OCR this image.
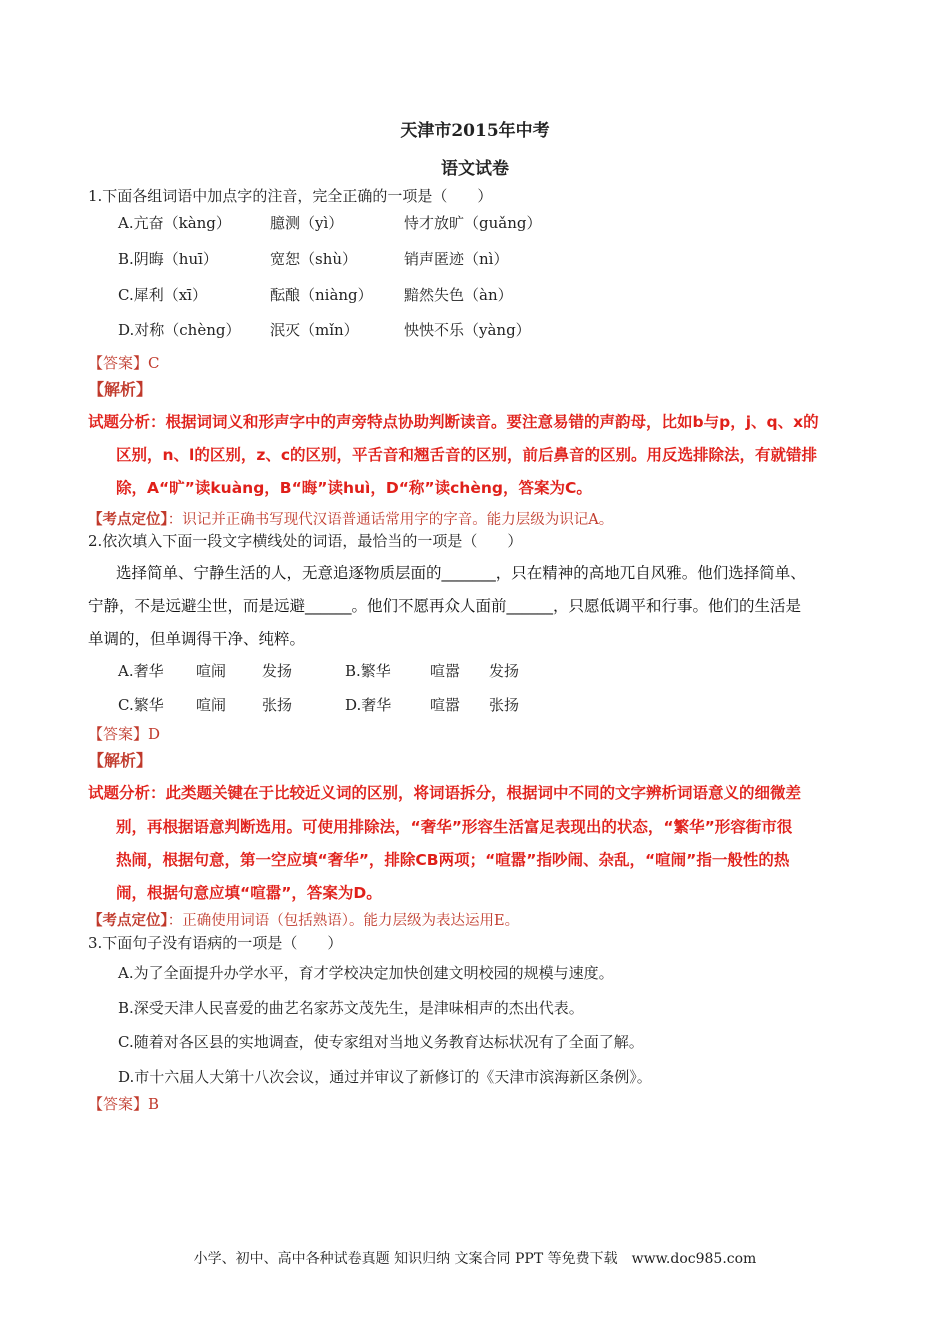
天津市2015年中考
语文试卷
1.下面各组词语中加点字的注音，完全正确的一项是（　　）
A.亢奋（kàng）	臆测（yì）	恃才放旷（guǎng）
B.阴晦（huī）	宽恕（shù）	销声匿迹（nì）
C.犀利（xī）	酝酿（niàng） 黯然失色（àn）
D.对称（chèng） 泯灭（mǐn）	怏怏不乐（yàng）
【答案】C
【解析】
试题分析：根据词词义和形声字中的声旁特点协助判断读音。要注意易错的声韵母，比如b与p，j、q、x的
区别，n、l的区别，z、c的区别，平舌音和翘舌音的区别，前后鼻音的区别。用反选排除法，有就错排
除，A“旷”读kuàng，B“晦”读huì，D“称”读chèng，答案为C。
【考点定位】：识记并正确书写现代汉语普通话常用字的字音。能力层级为识记A。
2.依次填入下面一段文字横线处的词语，最恰当的一项是（　　）
选择简单、宁静生活的人，无意追逐物质层面的_______，只在精神的高地兀自风雅。他们选择简单、
宁静，不是远避尘世，而是远避______。他们不愿再众人面前______，只愿低调平和行事。他们的生活是
单调的，但单调得干净、纯粹。
A.奢华 喧闹 发扬	B.繁华	喧嚣 发扬
C.繁华 喧闹 张扬	D.奢华	喧嚣 张扬
【答案】D
【解析】
试题分析：此类题关键在于比较近义词的区别，将词语拆分，根据词中不同的文字辨析词语意义的细微差
别，再根据语意判断选用。可使用排除法，“奢华”形容生活富足表现出的状态，“繁华”形容街市很
热闹，根据句意，第一空应填“奢华”，排除CB两项；“喧嚣”指吵闹、杂乱，“喧闹”指一般性的热
闹，根据句意应填“喧嚣”，答案为D。
【考点定位】：正确使用词语（包括熟语）。能力层级为表达运用E。
3.下面句子没有语病的一项是（　　）
A.为了全面提升办学水平，育才学校决定加快创建文明校园的规模与速度。
B.深受天津人民喜爱的曲艺名家苏文茂先生，是津味相声的杰出代表。
C.随着对各区县的实地调查，使专家组对当地义务教育达标状况有了全面了解。
D.市十六届人大第十八次会议，通过并审议了新修订的《天津市滨海新区条例》。
【答案】B
小学、初中、高中各种试卷真题 知识归纳 文案合同 PPT 等免费下载　www.doc985.com
